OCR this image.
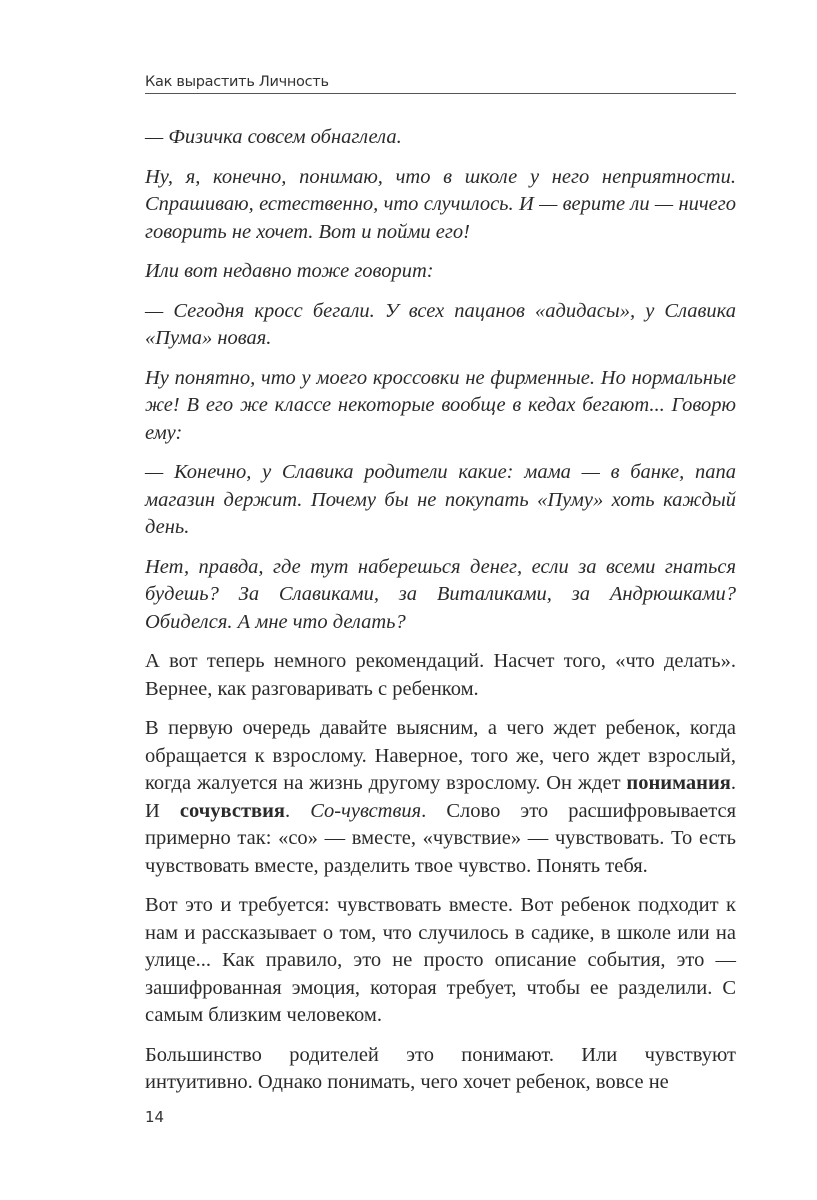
Как вырастить Личность

— Физичка совсем обнаглела.

Ну, я, конечно, понимаю, что в школе у него неприятности. Спрашиваю, естественно, что случилось. И — верите ли — ничего говорить не хочет. Вот и пойми его!

Или вот недавно тоже говорит:

— Сегодня кросс бегали. У всех пацанов «адидасы», у Славика «Пума» новая.

Ну понятно, что у моего кроссовки не фирменные. Но нормальные же! В его же классе некоторые вообще в кедах бегают... Говорю ему:

— Конечно, у Славика родители какие: мама — в банке, папа магазин держит. Почему бы не покупать «Пуму» хоть каждый день.

Нет, правда, где тут наберешься денег, если за всеми гнаться будешь? За Славиками, за Виталиками, за Андрюшками? Обиделся. А мне что делать?

А вот теперь немного рекомендаций. Насчет того, «что делать». Вернее, как разговаривать с ребенком.

В первую очередь давайте выясним, а чего ждет ребенок, когда обращается к взрослому. Наверное, того же, чего ждет взрослый, когда жалуется на жизнь другому взрослому. Он ждет понимания. И сочувствия. Со-чувствия. Слово это расшифровывается примерно так: «со» — вместе, «чувствие» — чувствовать. То есть чувствовать вместе, разделить твое чувство. Понять тебя.

Вот это и требуется: чувствовать вместе. Вот ребенок подходит к нам и рассказывает о том, что случилось в садике, в школе или на улице... Как правило, это не просто описание события, это — зашифрованная эмоция, которая требует, чтобы ее разделили. С самым близким человеком.

Большинство родителей это понимают. Или чувствуют интуитивно. Однако понимать, чего хочет ребенок, вовсе не

14
